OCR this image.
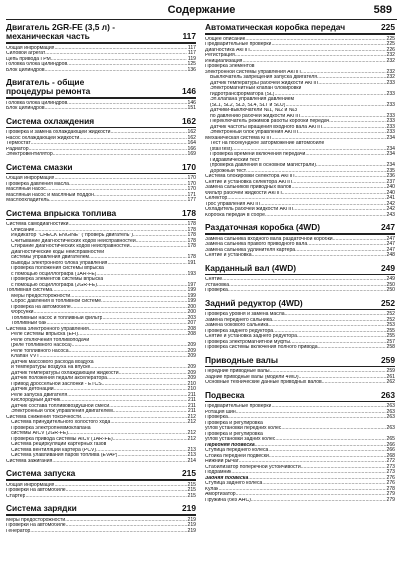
Содержание	589
Двигатель 2GR-FE (3,5 л) -
механическая часть	117
Общая информация .....	117
Силовой агрегат .....	117
Цепь привода ГРМ .....	119
Головка блока цилиндров .....	125
Блок цилиндров .....	136
Двигатель - общие
процедуры ремонта	146
Головка блока цилиндров .....	146
Блок цилиндров .....	151
Система охлаждения	162
Проверка и замена охлаждающей жидкости .....	162
Насос охлаждающей жидкости .....	162
Термостат .....	164
Радиатор .....	166
Электровентилятор .....	169
Система смазки	170
Общая информация .....	170
Проверка давления масла .....	170
Масляный насос .....	170
Масляный насос и масляный поддон .....	171
Маслоохладитель .....	177
Система впрыска топлива	178
Система самодиагностики .....	178
Описание .....	178
Индикатор "CHECK ENGINE" ("проверь двигатель") .....	178
Считывание диагностических кодов неисправностей .....	178
Стирание диагностических кодов неисправностей .....	178
Диагностические коды неисправностей
системы управления двигателем .....	178
Выводы электронного блока управления .....	191
Проверка положения системы впрыска
с помощью осциллографа (1AR-FE) .....	193
Проверка элементов системы впрыска
с помощью осциллографа (2GR-FE) .....	197
Топливная система .....	199
Меры предосторожности .....	199
Сброс давления в топливной системе .....	199
Проверка на автомобиле .....	200
Форсунки .....	200
Топливный насос и топливный фильтр .....	203
Топливный бак .....	207
Система электронного управления .....	208
Реле системы впрыска (EFI) .....	208
Реле отключения топливоподачи
(реле топливного насоса) .....	209
Реле топливного насоса .....	209
Клапан VVT .....	209
Датчик массового расхода воздуха
и температуры воздуха на впуске .....	209
Датчик температуры охлаждающей жидкости .....	209
Датчик положения педали акселератора .....	209
Привод дроссельной заслонки - ETCS .....	210
Датчик детонации .....	210
Реле запуска двигателя .....	211
Кислородный датчик .....	211
Датчик состава топливовоздушной смеси .....	211
Электронный блок управления двигателем .....	211
Система снижения токсичности .....	212
Система принудительного холостого хода .....	212
Проверка электропневмоклапана
системы AICV (2GR-FE) .....	212
Проверка привода системы AICV (1AR-FE) .....	212
Система рециркуляции картерных газов
Система вентиляции картера (PCV) .....	213
Система улавливания паров топлива (EVAP) .....	213
Система зажигания .....	214
Система запуска	215
Общая информация .....	215
Проверки на автомобиле .....	215
Стартер .....	215
Система зарядки	219
Меры предосторожности .....	219
Проверки на автомобиле .....	219
Генератор .....	219
Автоматическая коробка передач	225
Общее описание .....	225
Предварительные проверки .....	225
Диагностика АКПП .....	226
Регистрация .....	232
Инициализация .....	232
Проверка элементов
электронной системы управления АКПП .....	232
Выключатель запрещения запуска двигателя .....	232
Датчик температуры рабочей жидкости АКПП .....	233
Электромагнитный клапан блокировки
гидротрансформатора (SL) .....	233
Эл.клапана управления давлением
(SL1, SL2, SL3, SL4, SLT и SLU) .....	233
Датчики-выключатели №1, №2 и №3
по давлению рабочей жидкости АКПП .....	233
Переключатель режимов работы коробки передач .....	233
Датчик частоты вращения входного вала АКПП .....	233
Электронный блок управления АКПП .....	233
Механическая система КПП .....	234
Тест на посекундное заторможение автомобиле
(stall test) .....	234
Проверка времени включения передачи .....	234
Гидравлический тест
(проверка давления в основной магистрали) .....	234
Дорожный тест .....	235
Система блокировки селектора АКПП .....	236
Снятие и установка селектора АКПП .....	237
Замена сальников приводных валов .....	240
Фильтр рабочей жидкости АКПП .....	240
Селектор .....	241
Трос управления АКПП .....	242
Охладитель рабочей жидкости АКПП .....	242
Коробка передач в сборе .....	243
Раздаточная коробка (4WD)	247
Замена сальника входного вала раздаточной коробки .....	247
Замена сальника правого приводного вала .....	247
Замена сальника удлинителя картера .....	247
Снятие и установка .....	248
Карданный вал (4WD)	249
Снятие .....	249
Установка .....	250
Проверка .....	250
Задний редуктор (4WD)	252
Проверка уровня и замена масла .....	252
Замена переднего сальника .....	252
Замена бокового сальника .....	253
Проверка заднего редуктора .....	255
Снятие и установка заднего редуктора .....	255
Проверка электромагнитной муфты .....	257
Проверка системы включения полного привода .....	258
Приводные валы	259
Передние приводные валы .....	259
Задние приводные валы (модели 4WD) .....	261
Основные технические данные приводных валов .....	262
Подвеска	263
Предварительные проверки .....	263
Ротация шин .....	263
Проверка .....	263
Проверка и регулировка
углов установки передних колес .....	263
Проверка и регулировка
углов установки задних колес .....	265
Передняя подвеска .....	266
Ступица переднего колеса .....	266
Стойка передней подвески .....	268
Нижний рычаг .....	272
Стабилизатор поперечной устойчивости .....	273
Подрамник .....	273
Задняя подвеска .....	276
Ступица заднего колеса .....	276
Кулак .....	278
Амортизатор .....	279
Пружина (без AHC) .....	279
